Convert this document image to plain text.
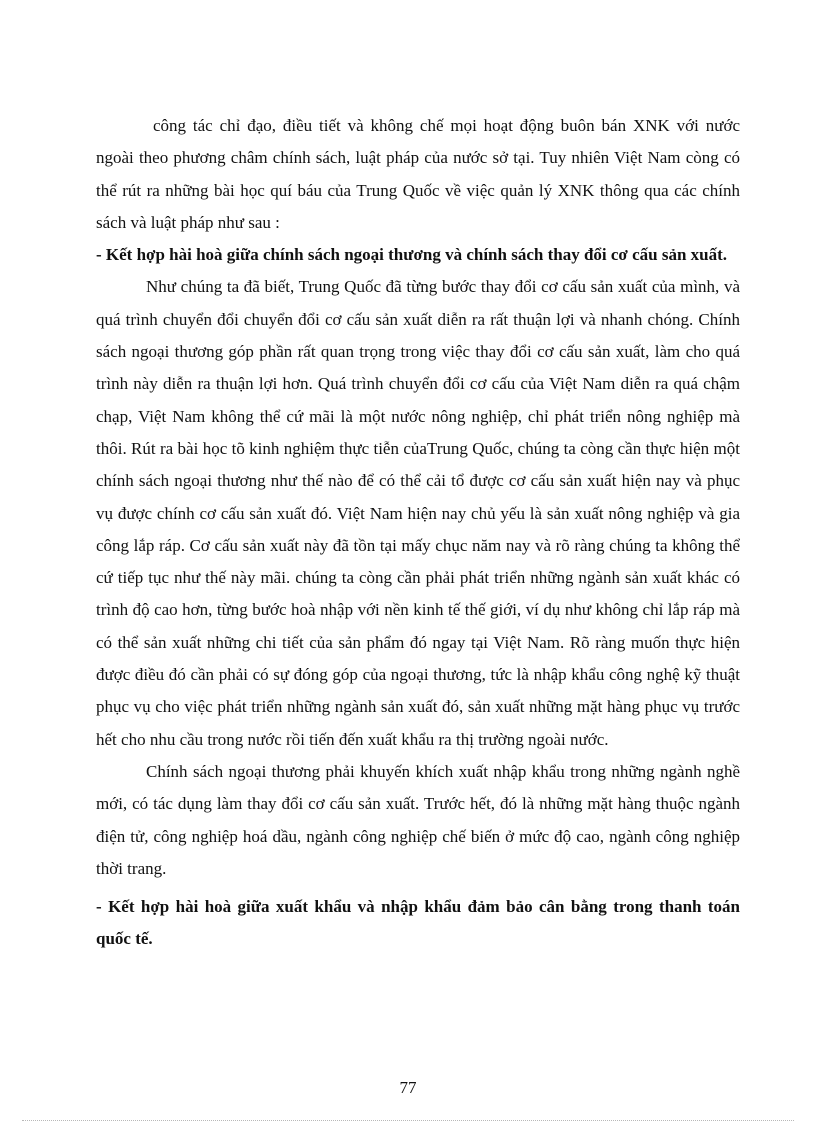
công tác chỉ đạo, điều tiết và không chế mọi hoạt động buôn bán XNK với nước ngoài theo phương châm chính sách, luật pháp của nước sở tại. Tuy nhiên Việt Nam còng có thể rút ra những bài học quí báu của Trung Quốc về việc quản lý XNK thông qua các chính sách và luật pháp như sau :

- Kết hợp hài hoà giữa chính sách ngoại thương và chính sách thay đổi cơ cấu sản xuất.

Như chúng ta đã biết, Trung Quốc đã từng bước thay đổi cơ cấu sản xuất của mình, và quá trình chuyển đổi chuyển đổi cơ cấu sản xuất diễn ra rất thuận lợi và nhanh chóng. Chính sách ngoại thương góp phần rất quan trọng trong việc thay đổi cơ cấu sản xuất, làm cho quá trình này diễn ra thuận lợi hơn. Quá trình chuyển đổi cơ cấu của Việt Nam diễn ra quá chậm chạp, Việt Nam không thể cứ mãi là một nước nông nghiệp, chỉ phát triển nông nghiệp mà thôi. Rút ra bài học tõ kinh nghiệm thực tiễn củaTrung Quốc, chúng ta còng cần thực hiện một chính sách ngoại thương như thế nào để có thể cải tổ được cơ cấu sản xuất hiện nay và phục vụ được chính cơ cấu sản xuất đó. Việt Nam hiện nay chủ yếu là sản xuất nông nghiệp và gia công lắp ráp. Cơ cấu sản xuất này đã tồn tại mấy chục năm nay và rõ ràng chúng ta không thể cứ tiếp tục như thế này mãi. chúng ta còng cần phải phát triển những ngành sản xuất khác có trình độ cao hơn, từng bước hoà nhập với nền kinh tế thế giới, ví dụ như không chỉ lắp ráp mà có thể sản xuất những chi tiết của sản phẩm đó ngay tại Việt Nam. Rõ ràng muốn thực hiện được điều đó cần phải có sự đóng góp của ngoại thương, tức là nhập khẩu công nghệ kỹ thuật phục vụ cho việc phát triển những ngành sản xuất đó, sản xuất những mặt hàng phục vụ trước hết cho nhu cầu trong nước rồi tiến đến xuất khẩu ra thị trường ngoài nước.

Chính sách ngoại thương phải khuyến khích xuất nhập khẩu trong những ngành nghề mới, có tác dụng làm thay đổi cơ cấu sản xuất. Trước hết, đó là những mặt hàng thuộc ngành điện tử, công nghiệp hoá dầu, ngành công nghiệp chế biến ở mức độ cao, ngành công nghiệp thời trang.

- Kết hợp hài hoà giữa xuất khẩu và nhập khẩu đảm bảo cân bằng trong thanh toán quốc tế.

77
